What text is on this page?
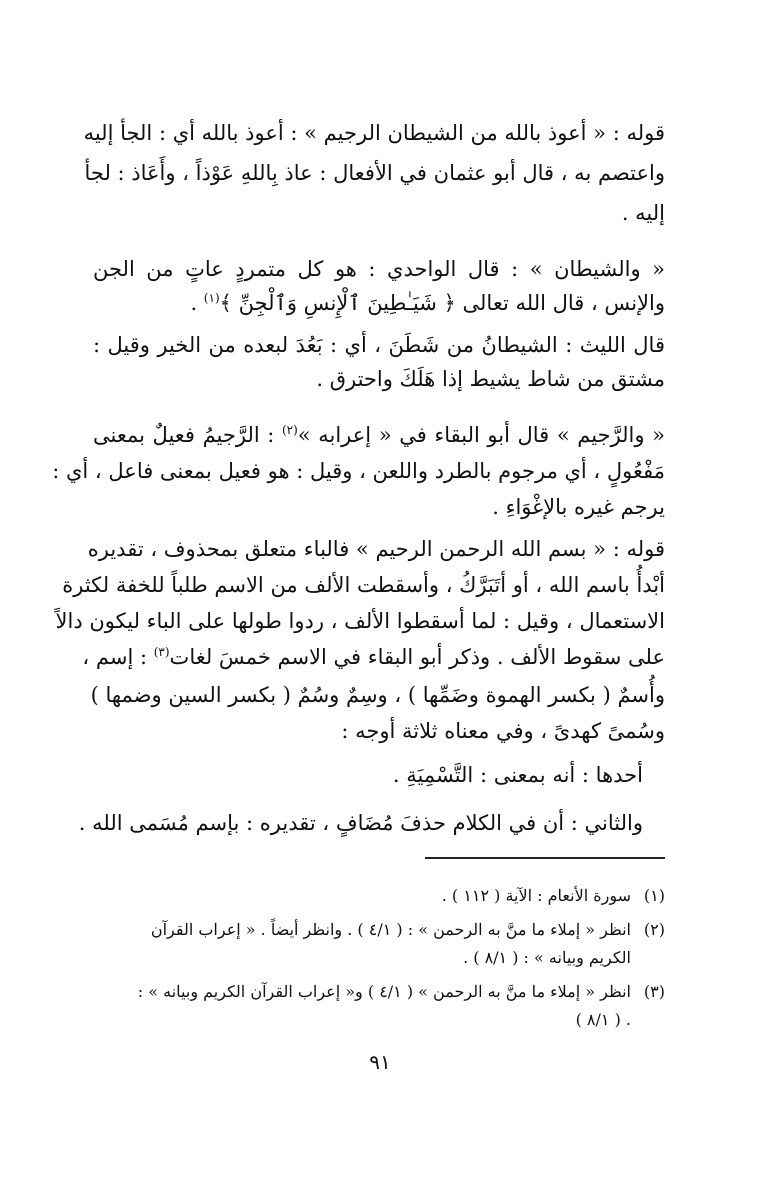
قوله : « أعوذ بالله من الشيطان الرجيم » : أعوذ بالله أي : الجأ إليه
واعتصم به ، قال أبو عثمان في الأفعال : عاذ بِاللهِ عَوْذاً ، وأَعَاذ : لجأ
إليه .
« والشيطان » : قال الواحدي : هو كل متمردٍ عاتٍ من الجن
والإنس ، قال الله تعالى ﴿ شَيَـٰطِينَ ٱلْإِنسِ وَٱلْجِنِّ ﴾$^{(١)}$ .
قال الليث : الشيطانُ من شَطَنَ ، أي : بَعُدَ لبعده من الخير وقيل :
مشتق من شاط يشيط إذا هَلَكَ واحترق .
« والرَّجيم » قال أبو البقاء في « إعرابه »$^{(٢)}$ : الرَّجيمُ فعيلٌ بمعنى
مَفْعُولٍ ، أي مرجوم بالطرد واللعن ، وقيل : هو فعيل بمعنى فاعل ، أي :
يرجم غيره بالإغْوَاءِ .
قوله : « بسم الله الرحمن الرحيم » فالباء متعلق بمحذوف ، تقديره
أبْدأُ باسم الله ، أو أتَبَرَّكُ ، وأسقطت الألف من الاسم طلباً للخفة لكثرة
الاستعمال ، وقيل : لما أسقطوا الألف ، ردوا طولها على الباء ليكون دالاً
على سقوط الألف . وذكر أبو البقاء في الاسم خمسَ لغات$^{(٣)}$ : إسم ،
وأُسمٌ ( بكسر الهموة وضَمِّها ) ، وسِمٌ وسُمٌ ( بكسر السين وضمها )
وسُمىً كهدىً ، وفي معناه ثلاثة أوجه :
أحدها : أنه بمعنى : التَّسْمِيَةِ .
والثاني : أن في الكلام حذفَ مُضَافٍ ، تقديره : بإسم مُسَمى الله .
(١)سورة الأنعام : الآية ( ١١٢ ) .
(٢)انظر « إملاء ما منَّ به الرحمن » : ( ٤/١ ) . وانظر أيضاً . « إعراب القرآن
الكريم وبيانه » : ( ٨/١ ) .
(٣)انظر « إملاء ما منَّ به الرحمن » ( ٤/١ ) و« إعراب القرآن الكريم وبيانه » :
. ( ٨/١ )
٩١
